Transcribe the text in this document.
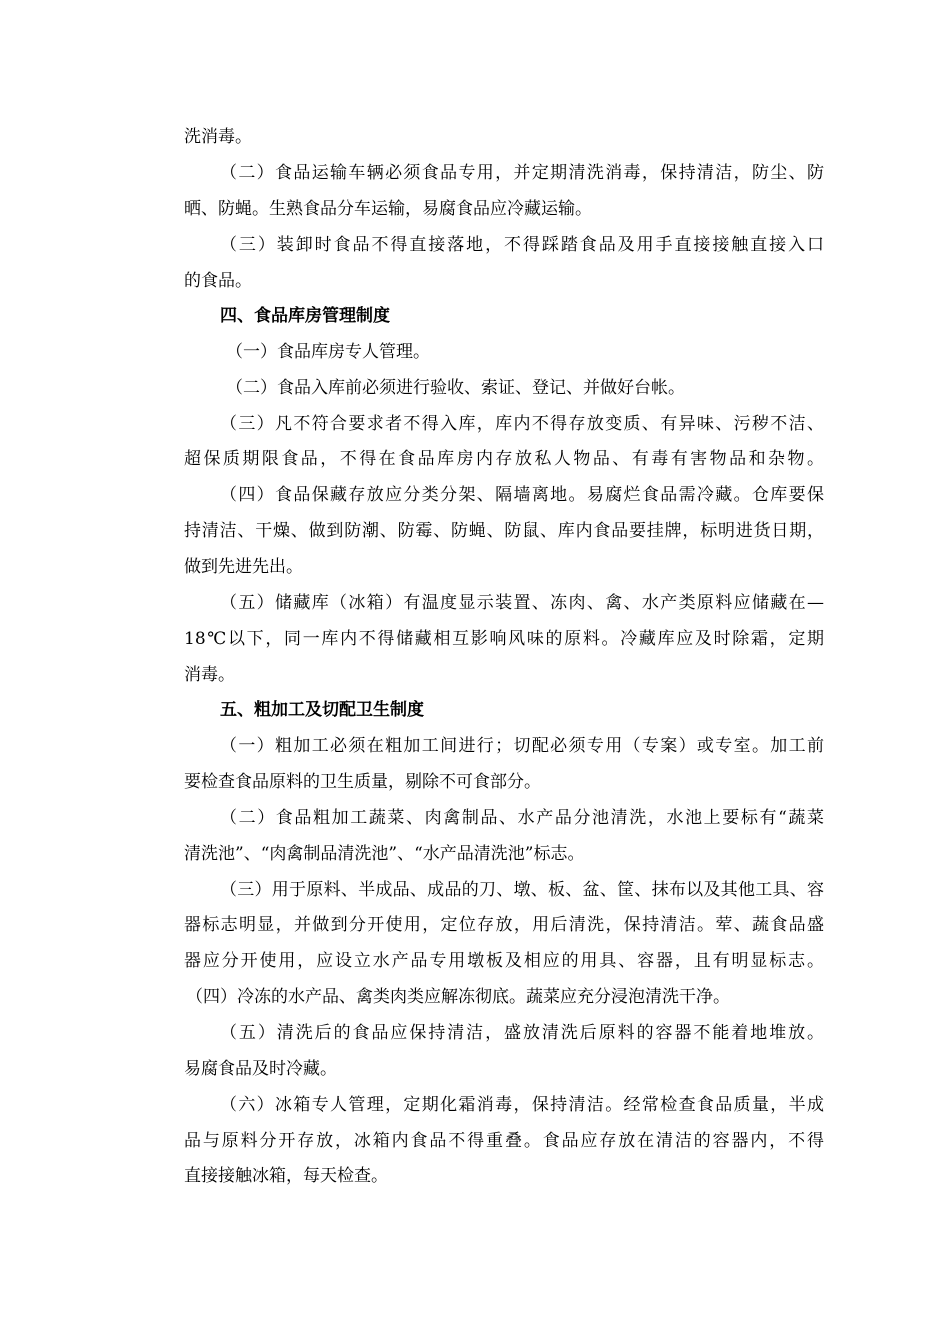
洗消毒。
（二）食品运输车辆必须食品专用，并定期清洗消毒，保持清洁，防尘、防
晒、防蝇。生熟食品分车运输，易腐食品应冷藏运输。
（三）装卸时食品不得直接落地，不得踩踏食品及用手直接接触直接入口
的食品。
四、食品库房管理制度
（一）食品库房专人管理。
（二）食品入库前必须进行验收、索证、登记、并做好台帐。
（三）凡不符合要求者不得入库，库内不得存放变质、有异味、污秽不洁、
超保质期限食品，不得在食品库房内存放私人物品、有毒有害物品和杂物。
（四）食品保藏存放应分类分架、隔墙离地。易腐烂食品需冷藏。仓库要保
持清洁、干燥、做到防潮、防霉、防蝇、防鼠、库内食品要挂牌，标明进货日期，
做到先进先出。
（五）储藏库（冰箱）有温度显示装置、冻肉、禽、水产类原料应储藏在—
18℃以下，同一库内不得储藏相互影响风味的原料。冷藏库应及时除霜，定期
消毒。
五、粗加工及切配卫生制度
（一）粗加工必须在粗加工间进行；切配必须专用（专案）或专室。加工前
要检查食品原料的卫生质量，剔除不可食部分。
（二）食品粗加工蔬菜、肉禽制品、水产品分池清洗，水池上要标有“蔬菜
清洗池”、“肉禽制品清洗池”、“水产品清洗池”标志。
（三）用于原料、半成品、成品的刀、墩、板、盆、筐、抹布以及其他工具、容
器标志明显，并做到分开使用，定位存放，用后清洗，保持清洁。荤、蔬食品盛
器应分开使用，应设立水产品专用墩板及相应的用具、容器，且有明显标志。
（四）冷冻的水产品、禽类肉类应解冻彻底。蔬菜应充分浸泡清洗干净。
（五）清洗后的食品应保持清洁，盛放清洗后原料的容器不能着地堆放。
易腐食品及时冷藏。
（六）冰箱专人管理，定期化霜消毒，保持清洁。经常检查食品质量，半成
品与原料分开存放，冰箱内食品不得重叠。食品应存放在清洁的容器内，不得
直接接触冰箱，每天检查。
